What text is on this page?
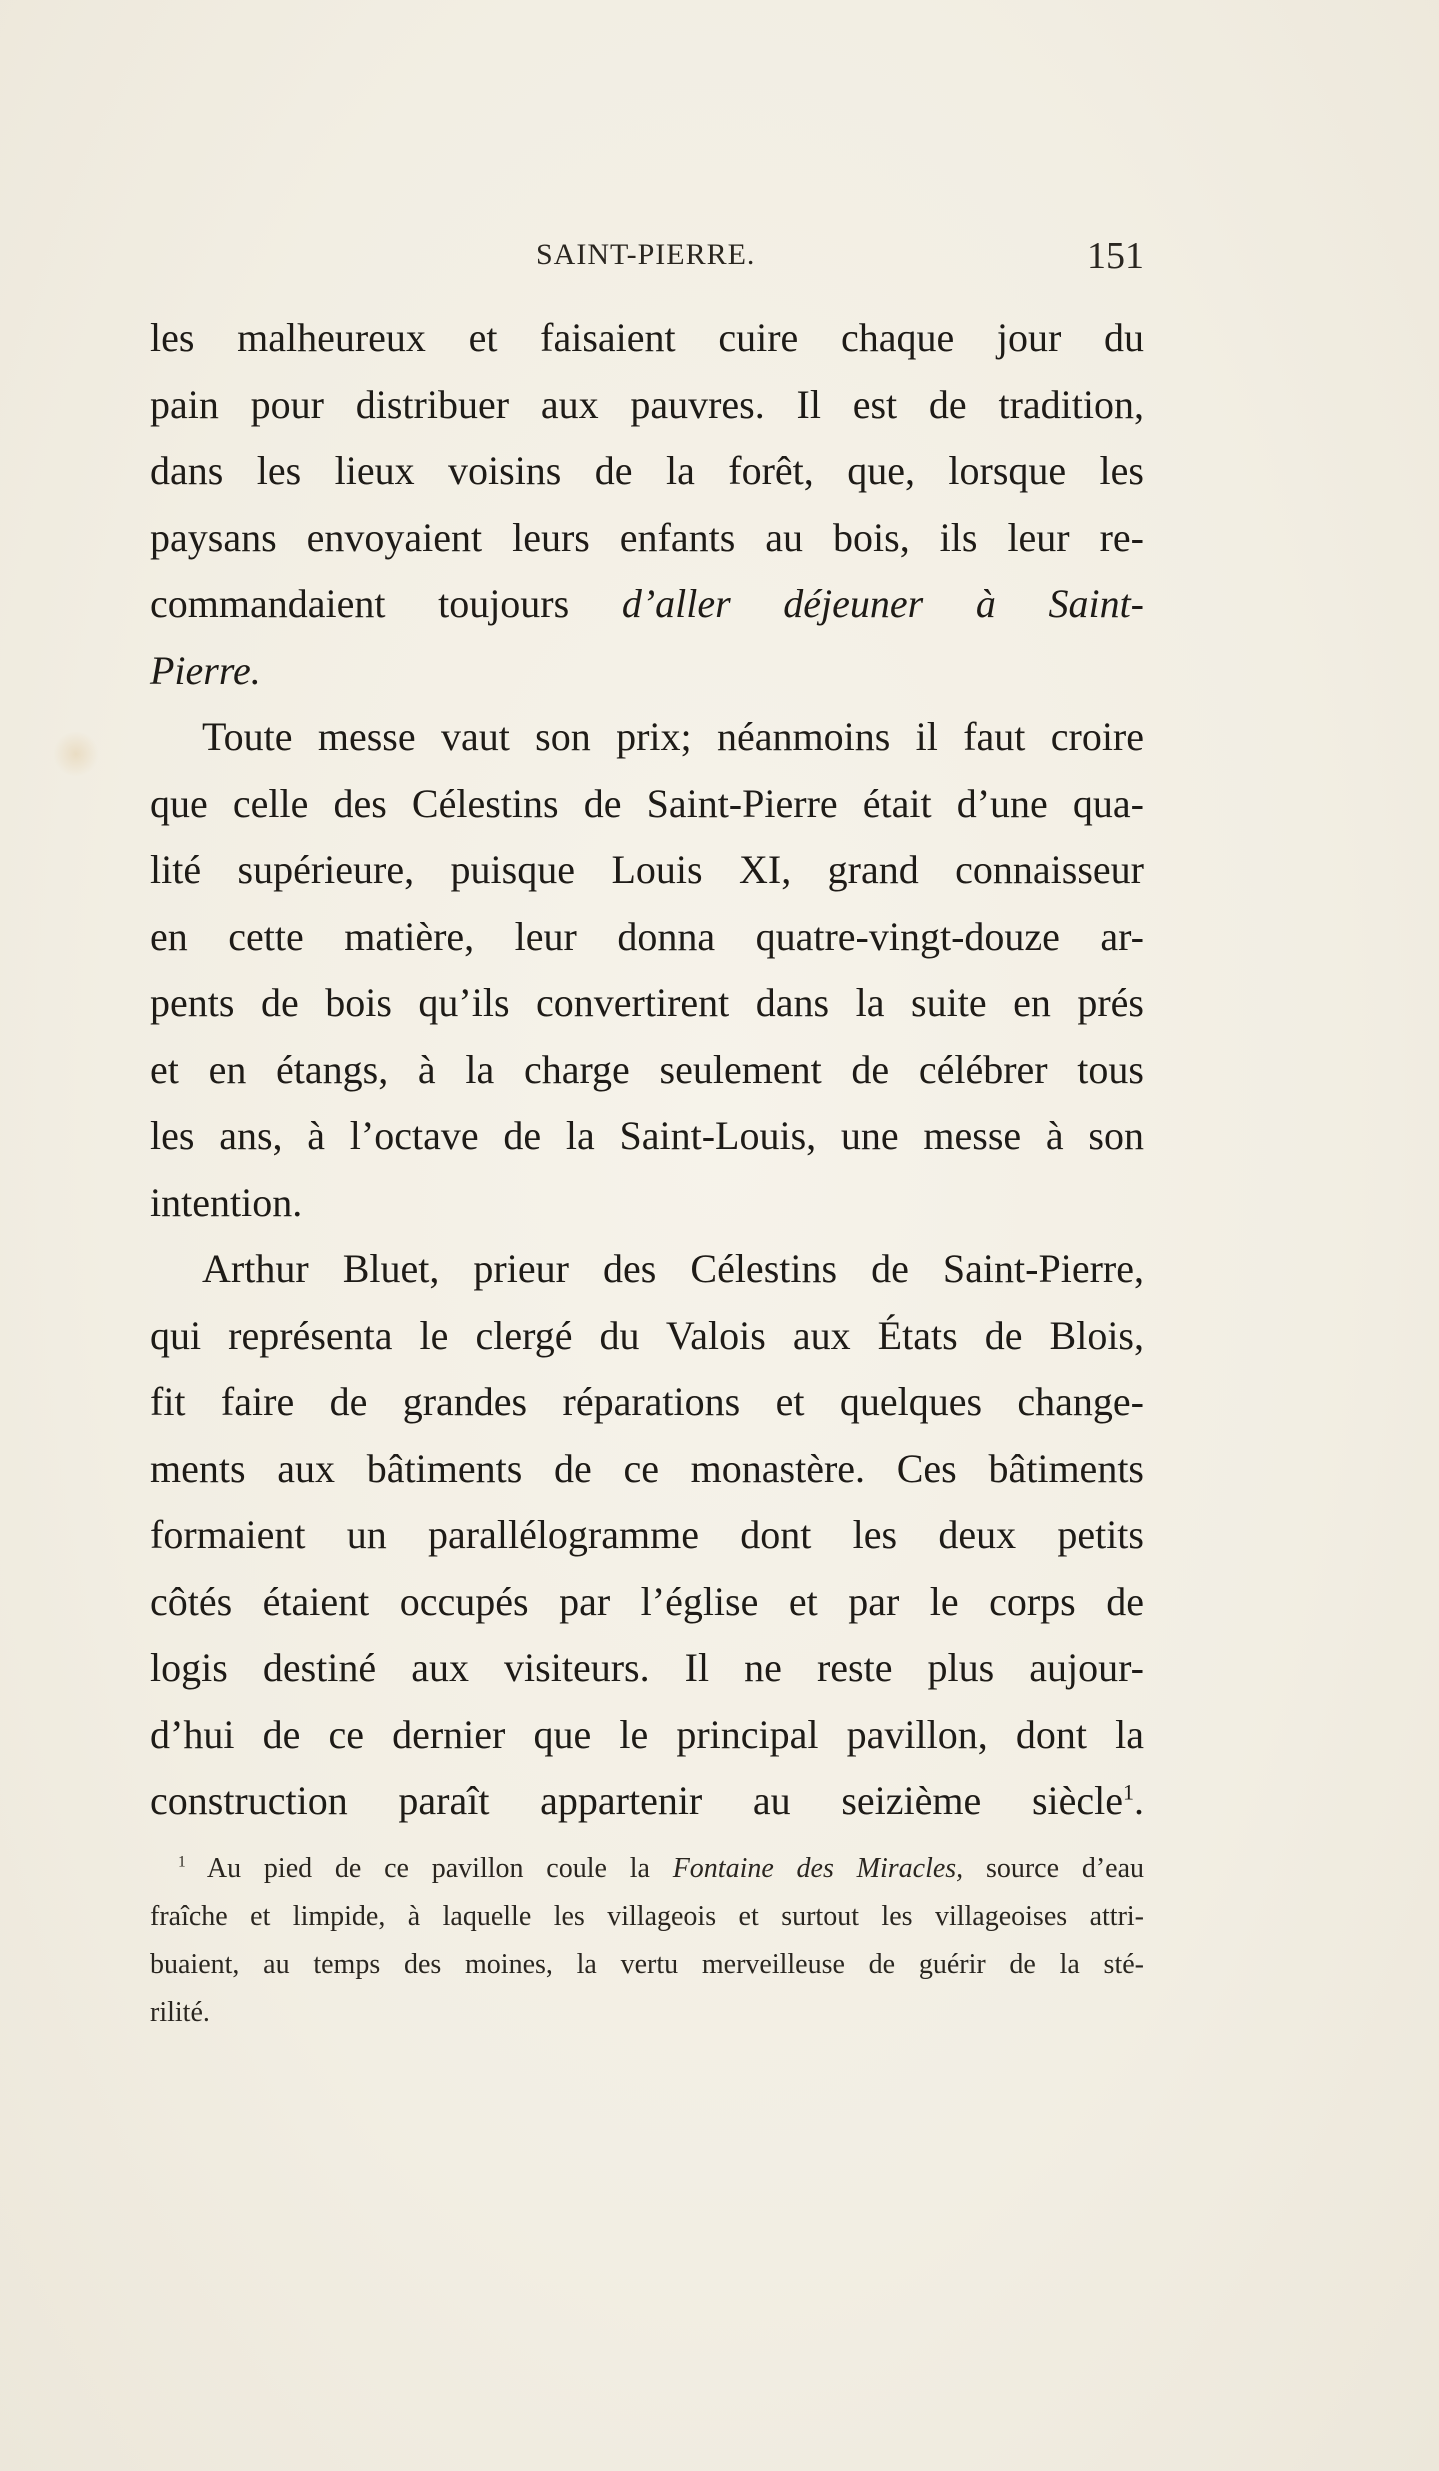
SAINT-PIERRE.	151

les malheureux et faisaient cuire chaque jour du
pain pour distribuer aux pauvres. Il est de tradition,
dans les lieux voisins de la forêt, que, lorsque les
paysans envoyaient leurs enfants au bois, ils leur re-
commandaient toujours d’aller déjeuner à Saint-
Pierre.

Toute messe vaut son prix; néanmoins il faut croire
que celle des Célestins de Saint-Pierre était d’une qua-
lité supérieure, puisque Louis XI, grand connaisseur
en cette matière, leur donna quatre-vingt-douze ar-
pents de bois qu’ils convertirent dans la suite en prés
et en étangs, à la charge seulement de célébrer tous
les ans, à l’octave de la Saint-Louis, une messe à son
intention.

Arthur Bluet, prieur des Célestins de Saint-Pierre,
qui représenta le clergé du Valois aux États de Blois,
fit faire de grandes réparations et quelques change-
ments aux bâtiments de ce monastère. Ces bâtiments
formaient un parallélogramme dont les deux petits
côtés étaient occupés par l’église et par le corps de
logis destiné aux visiteurs. Il ne reste plus aujour-
d’hui de ce dernier que le principal pavillon, dont la
construction paraît appartenir au seizième siècle$^1$.

$^1$ Au pied de ce pavillon coule la Fontaine des Miracles, source d’eau
fraîche et limpide, à laquelle les villageois et surtout les villageoises attri-
buaient, au temps des moines, la vertu merveilleuse de guérir de la sté-
rilité.
